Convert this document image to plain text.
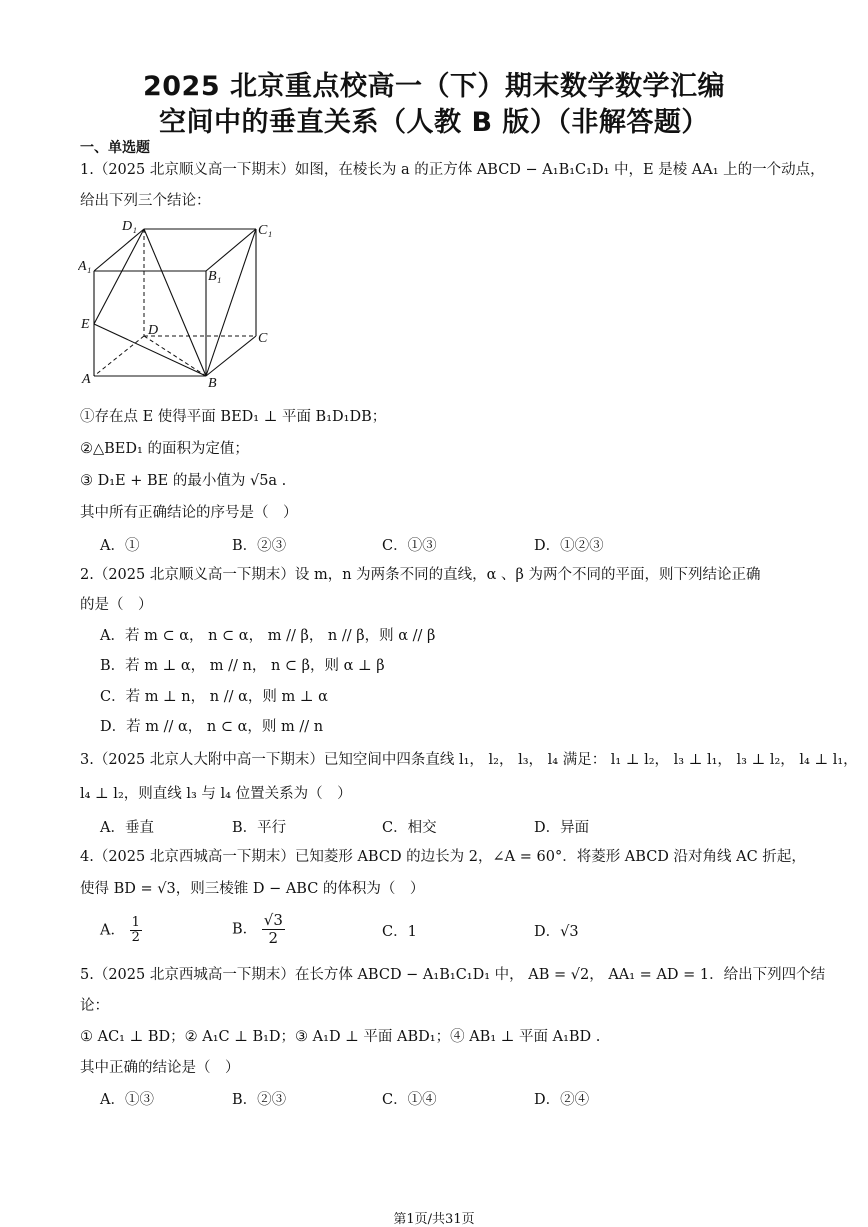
2025 北京重点校高一（下）期末数学数学汇编
空间中的垂直关系（人教 B 版）（非解答题）
一、单选题
1.（2025 北京顺义高一下期末）如图，在棱长为 a 的正方体 ABCD − A₁B₁C₁D₁ 中，E 是棱 AA₁ 上的一个动点，
给出下列三个结论：
D₁	C₁
A₁
B₁
E	D
C
A	B
①存在点 E 使得平面 BED₁ ⊥ 平面 B₁D₁DB；
②△BED₁ 的面积为定值；
③ D₁E + BE 的最小值为 √5a .
其中所有正确结论的序号是（　）
A．①	B．②③	C．①③	D．①②③
2.（2025 北京顺义高一下期末）设 m，n 为两条不同的直线，α 、β 为两个不同的平面，则下列结论正确
的是（　）
A．若 m ⊂ α， n ⊂ α， m // β， n // β，则 α // β
B．若 m ⊥ α， m // n， n ⊂ β，则 α ⊥ β
C．若 m ⊥ n， n // α，则 m ⊥ α
D．若 m // α， n ⊂ α，则 m // n
3.（2025 北京人大附中高一下期末）已知空间中四条直线 l₁， l₂， l₃， l₄ 满足： l₁ ⊥ l₂， l₃ ⊥ l₁， l₃ ⊥ l₂， l₄ ⊥ l₁，
l₄ ⊥ l₂，则直线 l₃ 与 l₄ 位置关系为（　）
A．垂直	B．平行	C．相交	D．异面
4.（2025 北京西城高一下期末）已知菱形 ABCD 的边长为 2，∠A = 60°．将菱形 ABCD 沿对角线 AC 折起，
使得 BD = √3，则三棱锥 D − ABC 的体积为（　）
A． $\frac{1}{2}$	B． $\frac{√3}{2}$	C．1	D．√3
5.（2025 北京西城高一下期末）在长方体 ABCD − A₁B₁C₁D₁ 中， AB = √2， AA₁ = AD = 1．给出下列四个结
论：
① AC₁ ⊥ BD；② A₁C ⊥ B₁D；③ A₁D ⊥ 平面 ABD₁；④ AB₁ ⊥ 平面 A₁BD .
其中正确的结论是（　）
A．①③	B．②③	C．①④	D．②④
第1页/共31页
